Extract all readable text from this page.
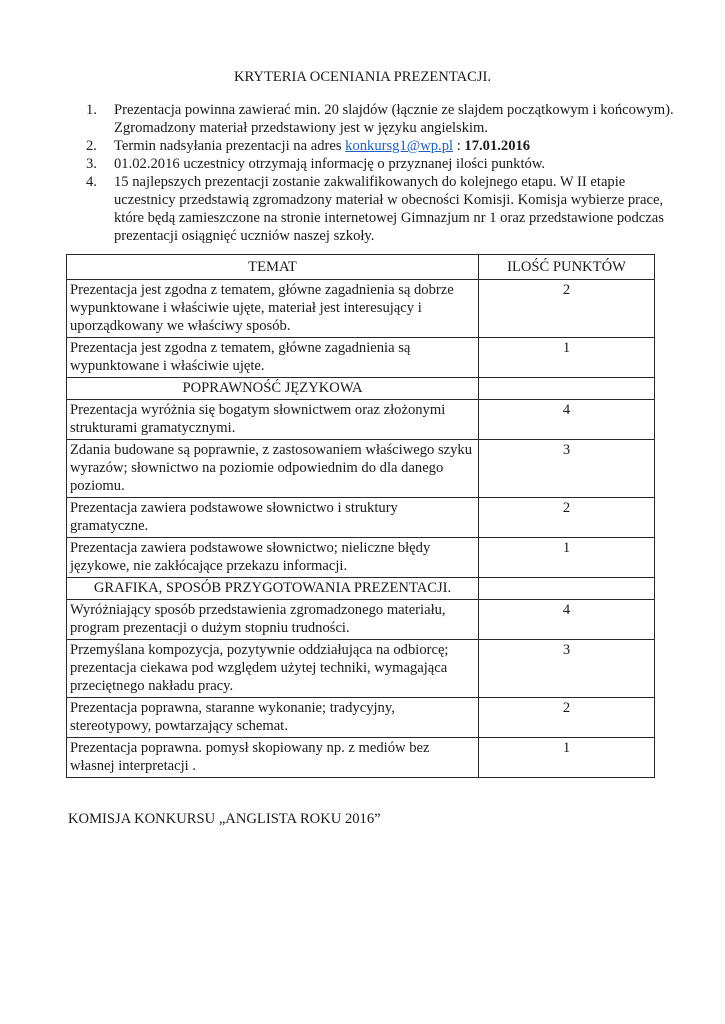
KRYTERIA OCENIANIA PREZENTACJI.
1. Prezentacja powinna zawierać min. 20 slajdów (łącznie ze slajdem początkowym i końcowym). Zgromadzony materiał przedstawiony jest w języku angielskim.
2. Termin nadsyłania prezentacji na adres konkursg1@wp.pl : 17.01.2016
3. 01.02.2016 uczestnicy otrzymają informację o przyznanej ilości punktów.
4. 15 najlepszych prezentacji zostanie zakwalifikowanych do kolejnego etapu. W II etapie uczestnicy przedstawią zgromadzony materiał w obecności Komisji. Komisja wybierze prace, które będą zamieszczone na stronie internetowej Gimnazjum nr 1 oraz przedstawione podczas prezentacji osiągnięć uczniów naszej szkoły.
TEMAT	ILOŚĆ PUNKTÓW
Prezentacja jest zgodna z tematem, główne zagadnienia są dobrze wypunktowane i właściwie ujęte, materiał jest interesujący i uporządkowany we właściwy sposób.	2
Prezentacja jest zgodna z tematem, główne zagadnienia są wypunktowane i właściwie ujęte.	1
POPRAWNOŚĆ JĘZYKOWA	
Prezentacja wyróżnia się bogatym słownictwem oraz złożonymi strukturami gramatycznymi.	4
Zdania budowane są poprawnie, z zastosowaniem właściwego szyku wyrazów; słownictwo na poziomie odpowiednim do dla danego poziomu.	3
Prezentacja zawiera podstawowe słownictwo i struktury gramatyczne.	2
Prezentacja zawiera podstawowe słownictwo; nieliczne błędy językowe, nie zakłócające przekazu informacji.	1
GRAFIKA, SPOSÓB PRZYGOTOWANIA PREZENTACJI.	
Wyróżniający sposób przedstawienia zgromadzonego materiału, program prezentacji o dużym stopniu trudności.	4
Przemyślana kompozycja, pozytywnie oddziałująca na odbiorcę; prezentacja ciekawa pod względem użytej techniki, wymagająca przeciętnego nakładu pracy.	3
Prezentacja poprawna, staranne wykonanie; tradycyjny, stereotypowy, powtarzający schemat.	2
Prezentacja poprawna. pomysł skopiowany np. z mediów bez własnej interpretacji .	1
KOMISJA KONKURSU „ANGLISTA ROKU 2016”
